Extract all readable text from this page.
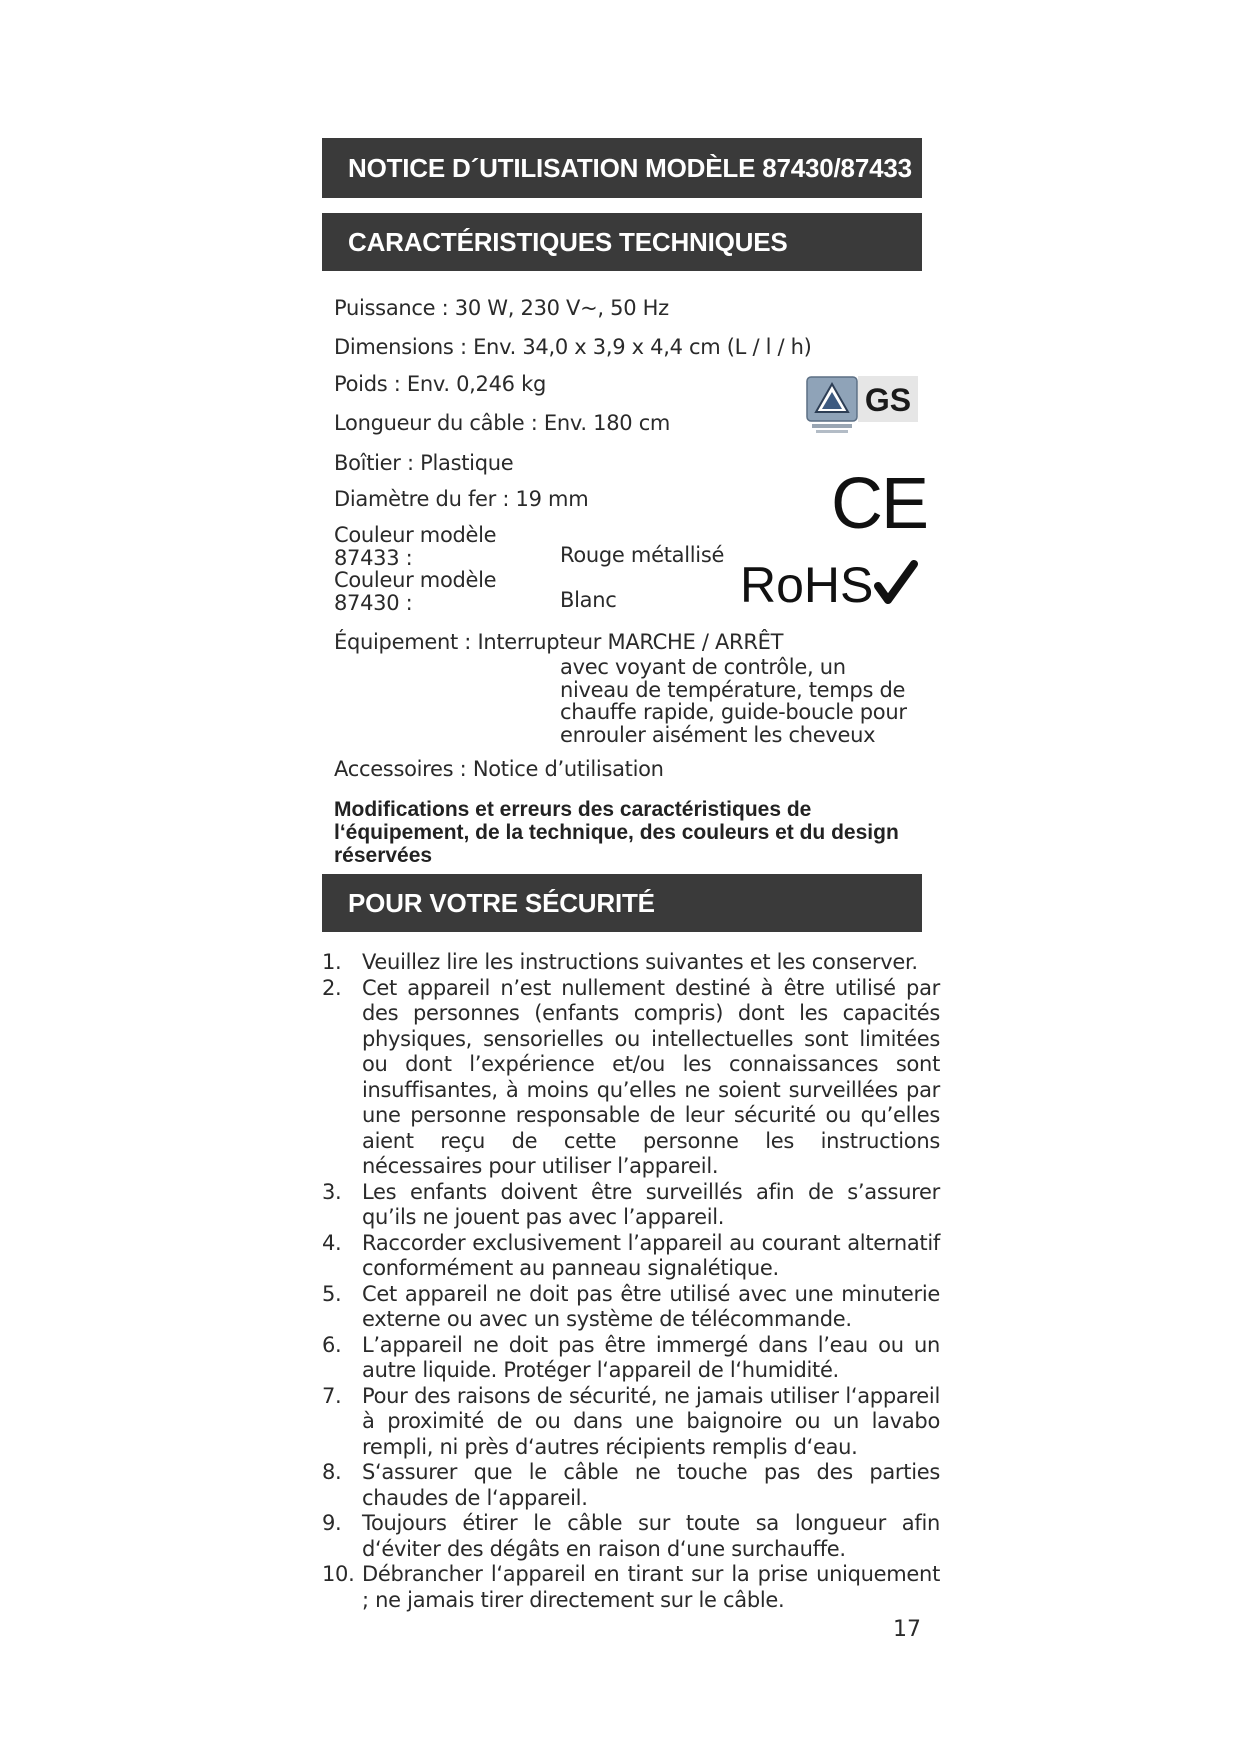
NOTICE D´UTILISATION MODÈLE 87430/87433
CARACTÉRISTIQUES TECHNIQUES
Puissance : 30 W, 230 V~, 50 Hz
Dimensions : Env. 34,0 x 3,9 x 4,4 cm (L / l / h)
Poids : Env. 0,246 kg
Longueur du câble : Env. 180 cm
Boîtier : Plastique
Diamètre du fer : 19 mm
Couleur modèle
87433 :	Rouge métallisé
Couleur modèle
87430 :	Blanc
Équipement : Interrupteur MARCHE / ARRÊT
avec voyant de contrôle, un niveau de température, temps de chauffe rapide, guide-boucle pour enrouler aisément les cheveux
Accessoires : Notice d’utilisation
Modifications et erreurs des caractéristiques de l‘équipement, de la technique, des couleurs et du design réservées
GS
CE
RoHS
POUR VOTRE SÉCURITÉ
1. Veuillez lire les instructions suivantes et les conserver.
2. Cet appareil n’est nullement destiné à être utilisé par des personnes (enfants compris) dont les capacités physiques, sensorielles ou intellectuelles sont limitées ou dont l’expérience et/ou les connaissances sont insuffisantes, à moins qu’elles ne soient surveillées par une personne responsable de leur sécurité ou qu’elles aient reçu de cette personne les instructions nécessaires pour utiliser l’appareil.
3. Les enfants doivent être surveillés afin de s’assurer qu’ils ne jouent pas avec l’appareil.
4. Raccorder exclusivement l’appareil au courant alternatif conformément au panneau signalétique.
5. Cet appareil ne doit pas être utilisé avec une minuterie externe ou avec un système de télécommande.
6. L’appareil ne doit pas être immergé dans l’eau ou un autre liquide. Protéger l‘appareil de l‘humidité.
7. Pour des raisons de sécurité, ne jamais utiliser l‘appareil à proximité de ou dans une baignoire ou un lavabo rempli, ni près d‘autres récipients remplis d‘eau.
8. S‘assurer que le câble ne touche pas des parties chaudes de l‘appareil.
9. Toujours étirer le câble sur toute sa longueur afin d‘éviter des dégâts en raison d‘une surchauffe.
10. Débrancher l‘appareil en tirant sur la prise uniquement ; ne jamais tirer directement sur le câble.
17
